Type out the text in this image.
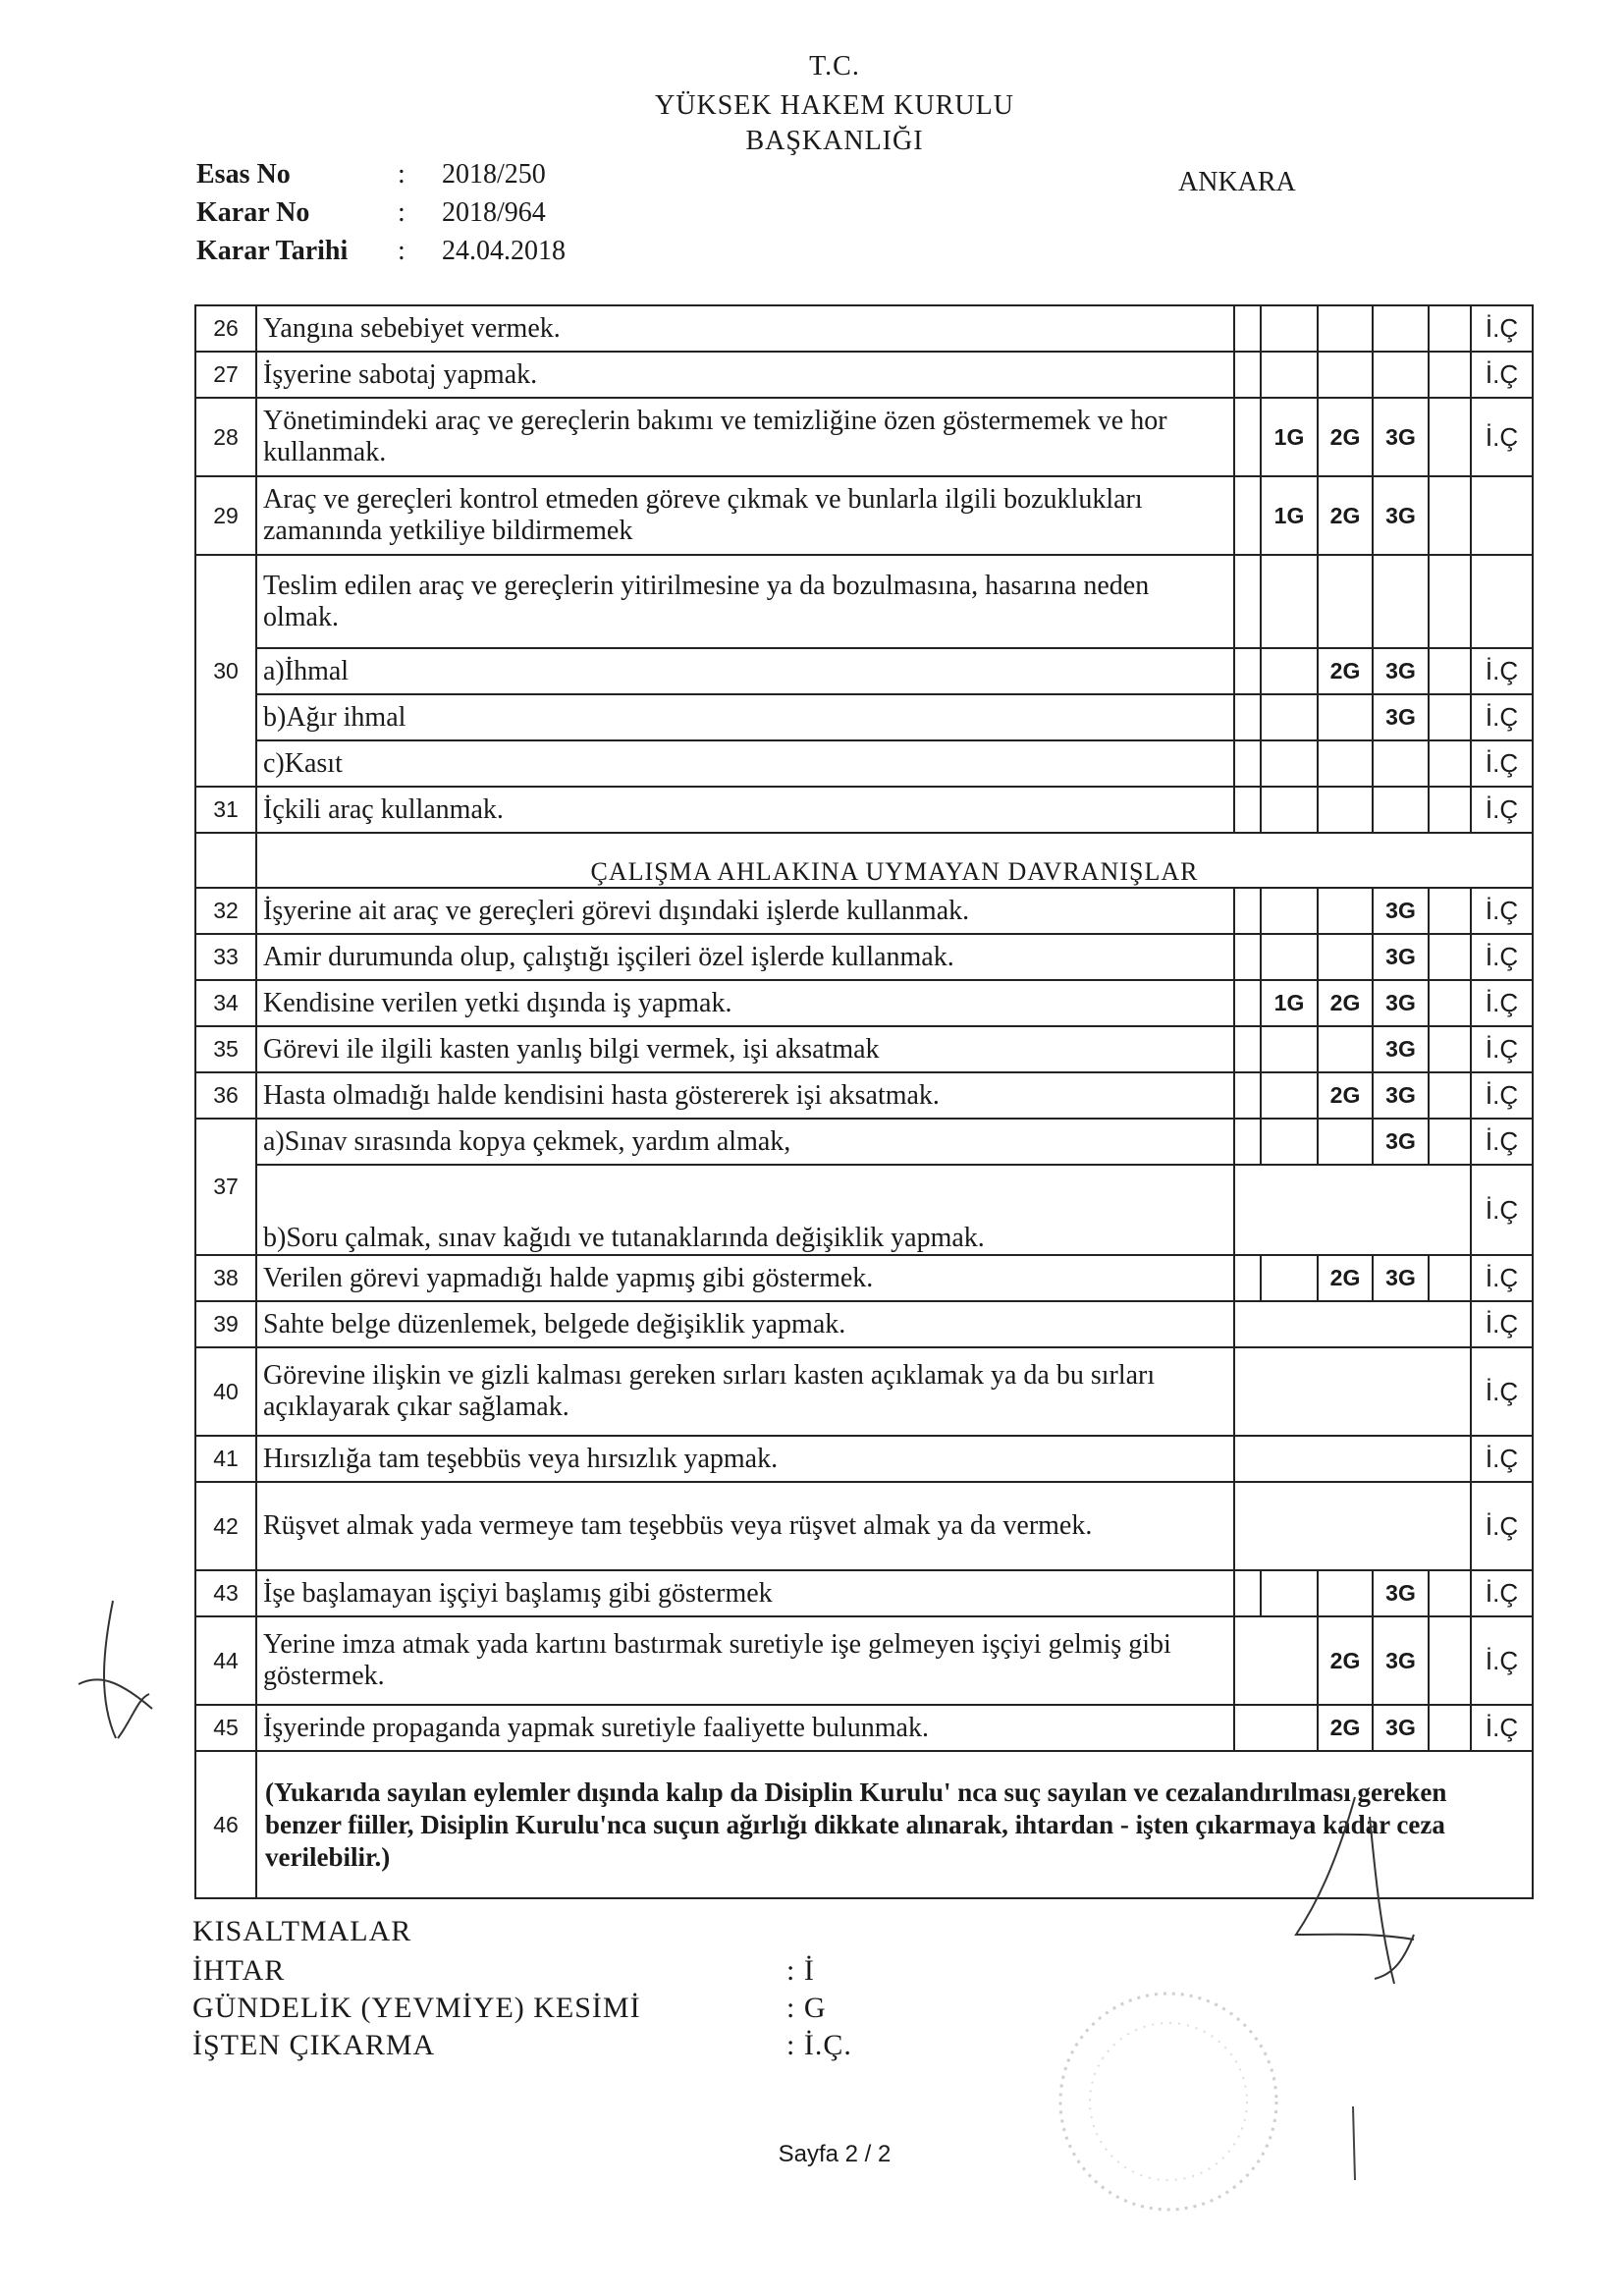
T.C.
YÜKSEK HAKEM KURULU
BAŞKANLIĞI
ANKARA
Esas No	:	2018/250
Karar No	:	2018/964
Karar Tarihi	:	24.04.2018
26	Yangına sebebiyet vermek.						İ.Ç
27	İşyerine sabotaj yapmak.						İ.Ç
28	Yönetimindeki araç ve gereçlerin bakımı ve temizliğine özen göstermemek ve hor kullanmak.		1G	2G	3G		İ.Ç
29	Araç ve gereçleri kontrol etmeden göreve çıkmak ve bunlarla ilgili bozuklukları zamanında yetkiliye bildirmemek		1G	2G	3G		
30	Teslim edilen araç ve gereçlerin yitirilmesine ya da bozulmasına, hasarına neden olmak.						
	a)İhmal			2G	3G		İ.Ç
	b)Ağır ihmal				3G		İ.Ç
	c)Kasıt						İ.Ç
31	İçkili araç kullanmak.						İ.Ç
	ÇALIŞMA AHLAKINA UYMAYAN DAVRANIŞLAR						
32	İşyerine ait araç ve gereçleri görevi dışındaki işlerde kullanmak.				3G		İ.Ç
33	Amir durumunda olup, çalıştığı işçileri özel işlerde kullanmak.				3G		İ.Ç
34	Kendisine verilen yetki dışında iş yapmak.		1G	2G	3G		İ.Ç
35	Görevi ile ilgili kasten yanlış bilgi vermek, işi aksatmak				3G		İ.Ç
36	Hasta olmadığı halde kendisini hasta göstererek işi aksatmak.			2G	3G		İ.Ç
37	a)Sınav sırasında kopya çekmek, yardım almak,				3G		İ.Ç
	b)Soru çalmak, sınav kağıdı ve tutanaklarında değişiklik yapmak.						İ.Ç
38	Verilen görevi yapmadığı halde yapmış gibi göstermek.			2G	3G		İ.Ç
39	Sahte belge düzenlemek, belgede değişiklik yapmak.						İ.Ç
40	Görevine ilişkin ve gizli kalması gereken sırları kasten açıklamak ya da bu sırları açıklayarak çıkar sağlamak.						İ.Ç
41	Hırsızlığa tam teşebbüs veya hırsızlık yapmak.						İ.Ç
42	Rüşvet almak yada vermeye tam teşebbüs veya rüşvet almak ya da vermek.						İ.Ç
43	İşe başlamayan işçiyi başlamış gibi göstermek				3G		İ.Ç
44	Yerine imza atmak yada kartını bastırmak suretiyle işe gelmeyen işçiyi gelmiş gibi göstermek.			2G	3G		İ.Ç
45	İşyerinde propaganda yapmak suretiyle faaliyette bulunmak.			2G	3G		İ.Ç
46	(Yukarıda sayılan eylemler dışında kalıp da Disiplin Kurulu' nca suç sayılan ve cezalandırılması gereken benzer fiiller, Disiplin Kurulu'nca suçun ağırlığı dikkate alınarak, ihtardan - işten çıkarmaya kadar ceza verilebilir.)						
KISALTMALAR
İHTAR	: İ
GÜNDELİK (YEVMİYE) KESİMİ	: G
İŞTEN ÇIKARMA	: İ.Ç.
Sayfa 2 / 2
